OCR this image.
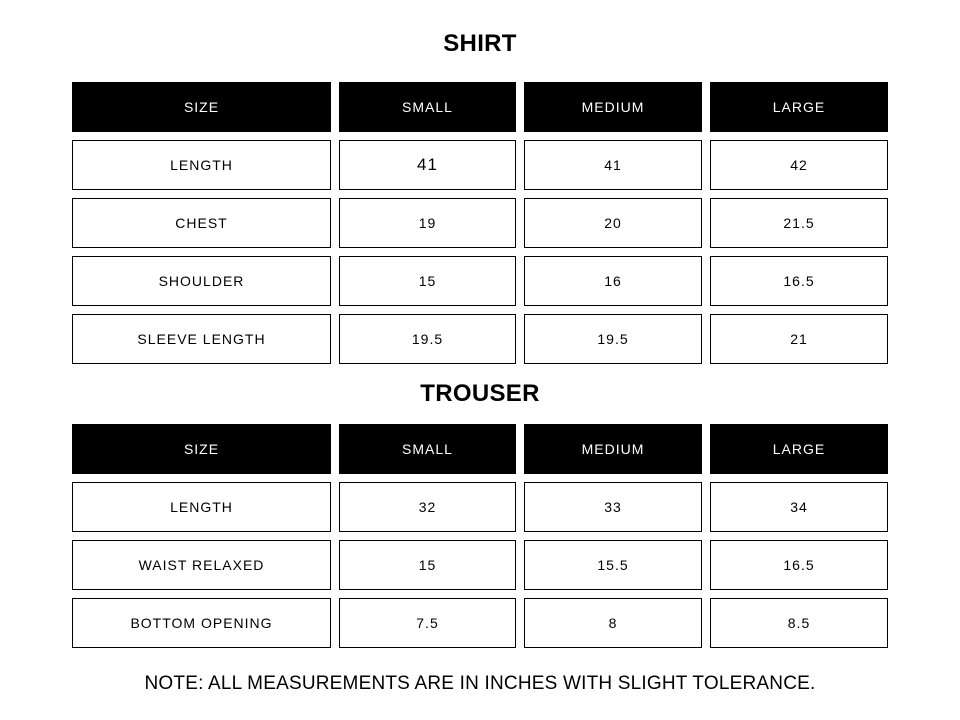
SHIRT
SIZE	SMALL	MEDIUM	LARGE
LENGTH	41	41	42
CHEST	19	20	21.5
SHOULDER	15	16	16.5
SLEEVE LENGTH	19.5	19.5	21
TROUSER
SIZE	SMALL	MEDIUM	LARGE
LENGTH	32	33	34
WAIST RELAXED	15	15.5	16.5
BOTTOM OPENING	7.5	8	8.5
NOTE: ALL MEASUREMENTS ARE IN INCHES WITH SLIGHT TOLERANCE.
